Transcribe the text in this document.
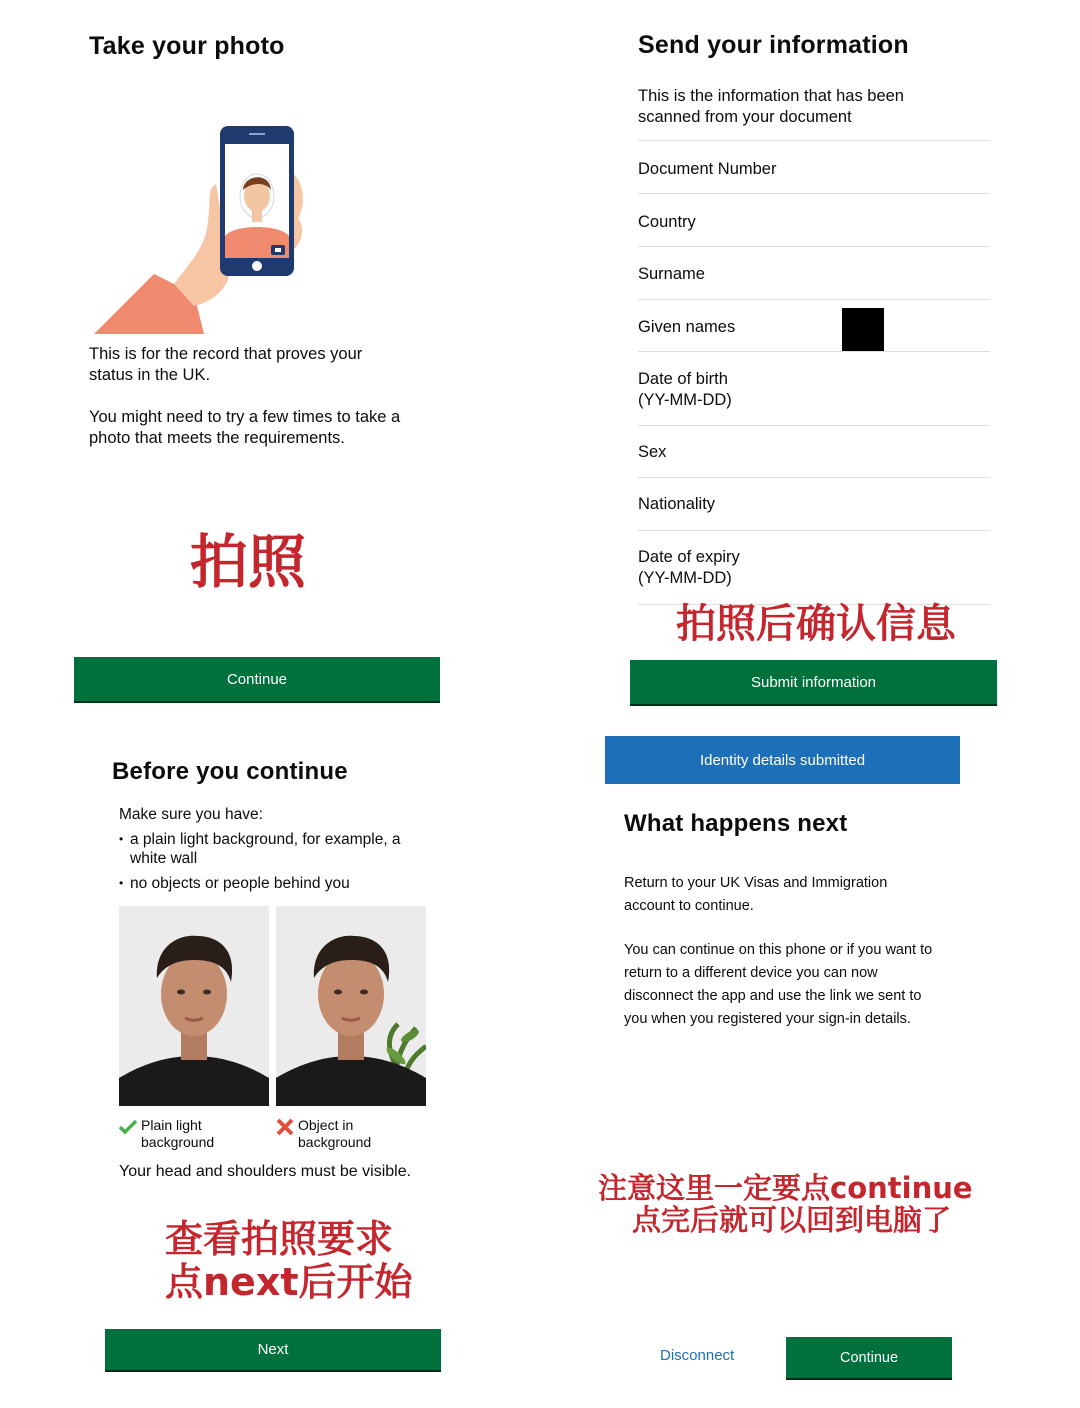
Take your photo
This is for the record that proves your status in the UK.
You might need to try a few times to take a photo that meets the requirements.
拍照
Continue
Send your information
This is the information that has been scanned from your document
Document Number
Country
Surname
Given names
Date of birth
(YY-MM-DD)
Sex
Nationality
Date of expiry
(YY-MM-DD)
拍照后确认信息
Submit information
Before you continue
Make sure you have:
• a plain light background, for example, a white wall
• no objects or people behind you
Plain light background
Object in background
Your head and shoulders must be visible.
查看拍照要求
点next后开始
Next
Identity details submitted
What happens next
Return to your UK Visas and Immigration account to continue.
You can continue on this phone or if you want to return to a different device you can now disconnect the app and use the link we sent to you when you registered your sign-in details.
注意这里一定要点continue
点完后就可以回到电脑了
Disconnect	Continue
